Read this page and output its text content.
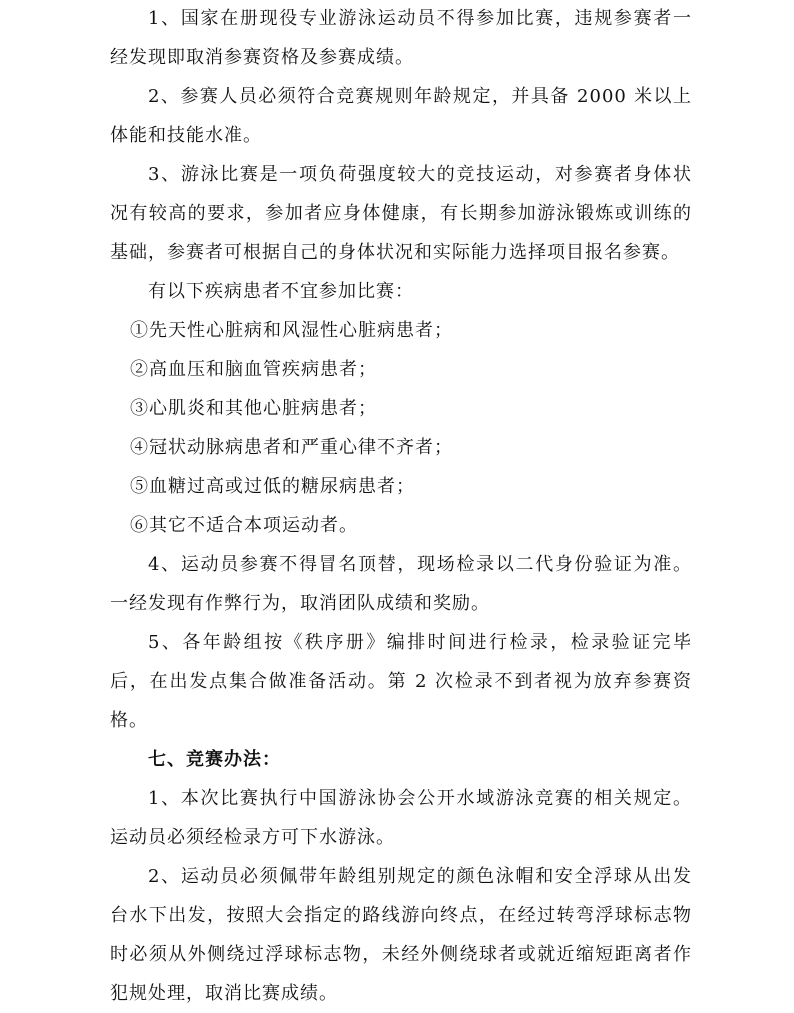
1、国家在册现役专业游泳运动员不得参加比赛，违规参赛者一经发现即取消参赛资格及参赛成绩。

2、参赛人员必须符合竞赛规则年龄规定，并具备 2000 米以上体能和技能水准。

3、游泳比赛是一项负荷强度较大的竞技运动，对参赛者身体状况有较高的要求，参加者应身体健康，有长期参加游泳锻炼或训练的基础，参赛者可根据自己的身体状况和实际能力选择项目报名参赛。

有以下疾病患者不宜参加比赛：

①先天性心脏病和风湿性心脏病患者；

②高血压和脑血管疾病患者；

③心肌炎和其他心脏病患者；

④冠状动脉病患者和严重心律不齐者；

⑤血糖过高或过低的糖尿病患者；

⑥其它不适合本项运动者。

4、运动员参赛不得冒名顶替，现场检录以二代身份验证为准。一经发现有作弊行为，取消团队成绩和奖励。

5、各年龄组按《秩序册》编排时间进行检录，检录验证完毕后，在出发点集合做准备活动。第 2 次检录不到者视为放弃参赛资格。

七、竞赛办法：

1、本次比赛执行中国游泳协会公开水域游泳竞赛的相关规定。运动员必须经检录方可下水游泳。

2、运动员必须佩带年龄组别规定的颜色泳帽和安全浮球从出发台水下出发，按照大会指定的路线游向终点，在经过转弯浮球标志物时必须从外侧绕过浮球标志物，未经外侧绕球者或就近缩短距离者作犯规处理，取消比赛成绩。
